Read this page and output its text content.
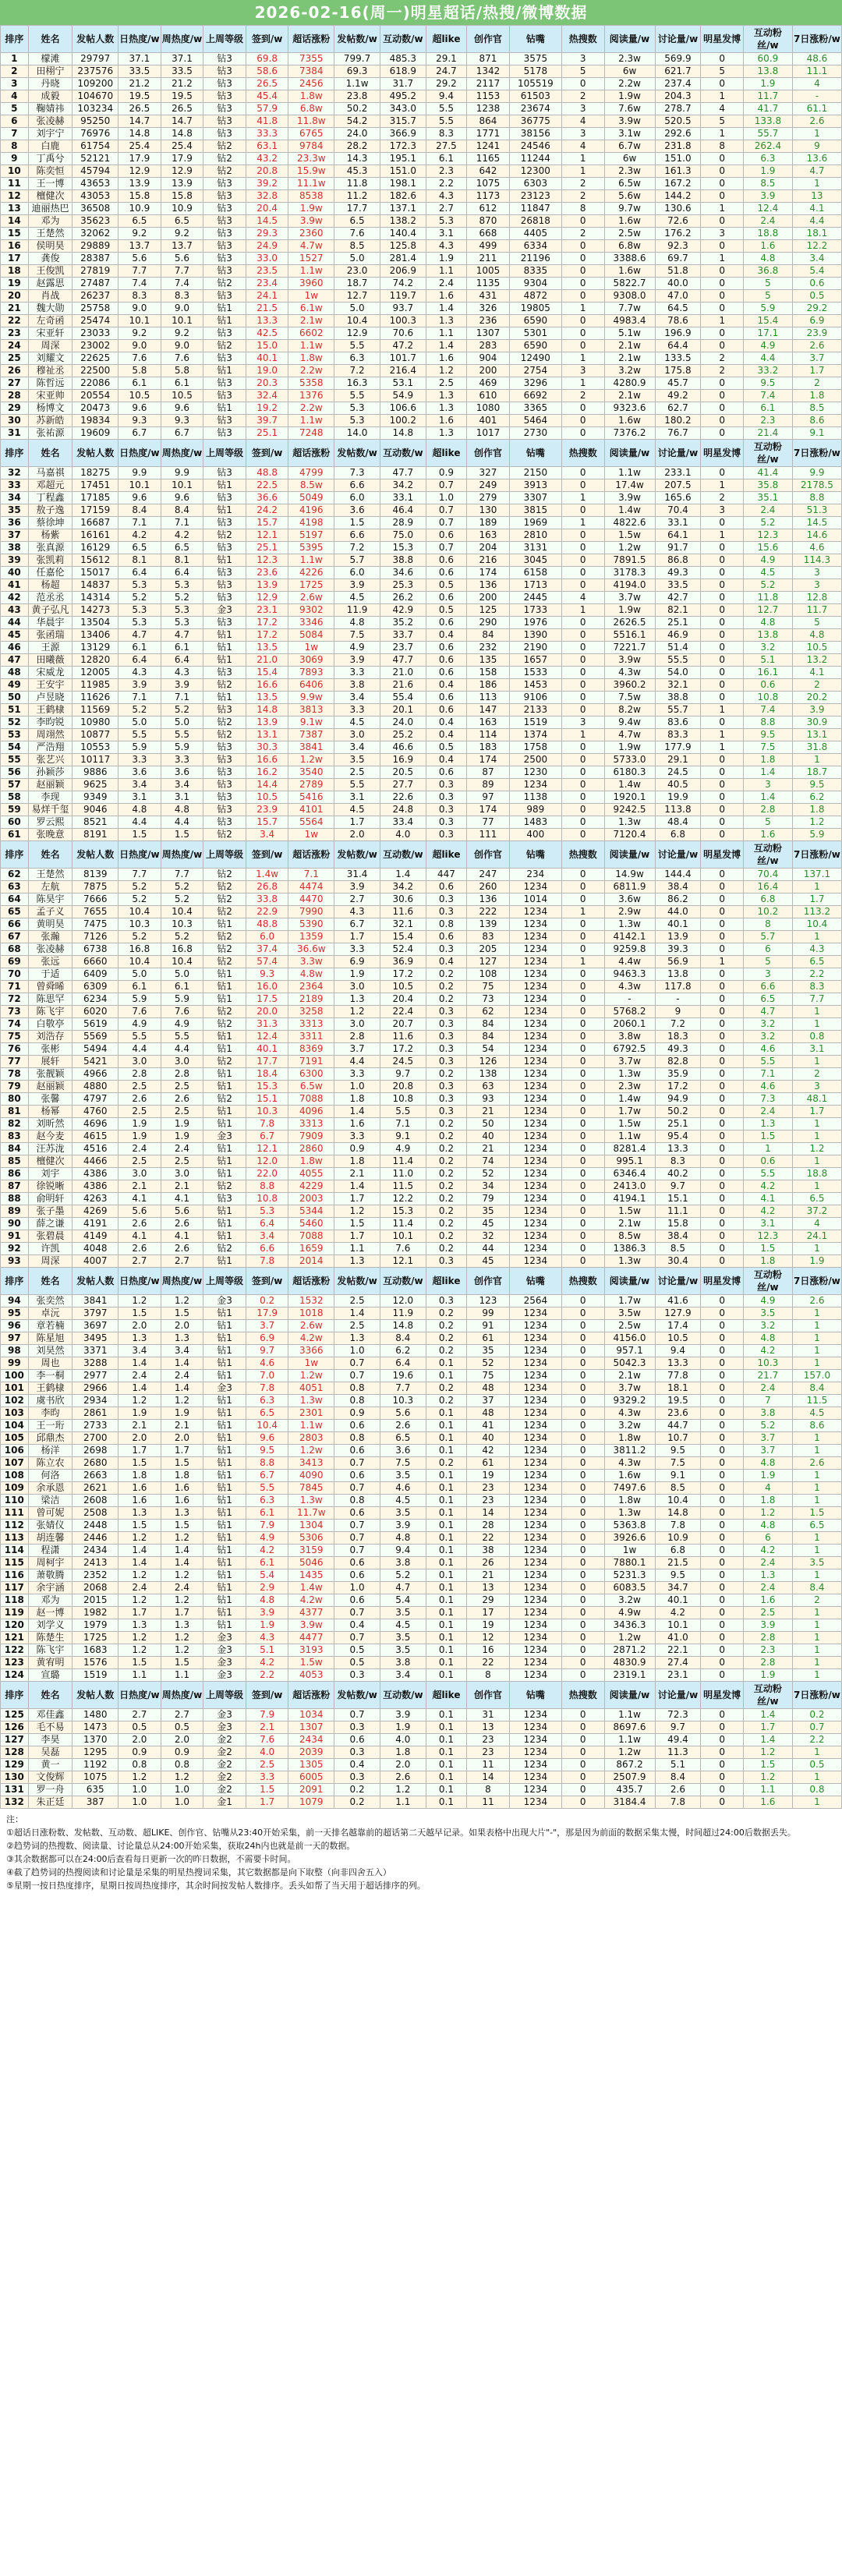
2026-02-16(周一)明星超话/热搜/微博数据
排序	姓名	发帖人数	日热度/w	周热度/w	上周等级	签到/w	超话涨粉	发帖数/w	互动数/w	超like	创作官	钻嘴	热搜数	阅读量/w	讨论量/w	明星发博	互动粉丝/w	7日涨粉/w
1	檬滩	29797	37.1	37.1	钻3	69.8	7355	799.7	485.3	29.1	871	3575	3	2.3w	569.9	0	60.9	48.6
2	田栩宁	237576	33.5	33.5	钻3	58.6	7384	69.3	618.9	24.7	1342	5178	5	6w	621.7	5	13.8	11.1
3	丹晓	109200	21.2	21.2	钻3	26.5	2456	1.1w	31.7	29.2	2117	105519	0	2.2w	237.4	0	1.9	4
4	成毅	104670	19.5	19.5	钻3	45.4	1.8w	23.8	495.2	9.4	1153	61503	2	1.9w	204.3	1	11.7	-
5	鞠婧祎	103234	26.5	26.5	钻3	57.9	6.8w	50.2	343.0	5.5	1238	23674	3	7.6w	278.7	4	41.7	61.1
6	张凌赫	95250	14.7	14.7	钻3	41.8	11.8w	54.2	315.7	5.5	864	36775	4	3.9w	520.5	5	133.8	2.6
7	刘宇宁	76976	14.8	14.8	钻3	33.3	6765	24.0	366.9	8.3	1771	38156	3	3.1w	292.6	1	55.7	1
8	白鹿	61754	25.4	25.4	钻2	63.1	9784	28.2	172.3	27.5	1241	24546	4	6.7w	231.8	8	262.4	9
9	丁禹兮	52121	17.9	17.9	钻2	43.2	23.3w	14.3	195.1	6.1	1165	11244	1	6w	151.0	0	6.3	13.6
10	陈奕恒	45794	12.9	12.9	钻2	20.8	15.9w	45.3	151.0	2.3	642	12300	1	2.3w	161.3	0	1.9	4.7
11	王一博	43653	13.9	13.9	钻3	39.2	11.1w	11.8	198.1	2.2	1075	6303	2	6.5w	167.2	0	8.5	1
12	檀健次	43053	15.8	15.8	钻3	32.8	8538	11.2	182.6	4.3	1173	23123	2	5.6w	144.2	0	3.9	13
13	迪丽热巴	36508	10.9	10.9	钻3	20.4	1.9w	17.7	137.1	2.7	612	11847	8	9.7w	130.6	1	12.4	4.1
14	邓为	35623	6.5	6.5	钻3	14.5	3.9w	6.5	138.2	5.3	870	26818	0	1.6w	72.6	0	2.4	4.4
15	王楚然	32062	9.2	9.2	钻3	29.3	2360	7.6	140.4	3.1	668	4405	2	2.5w	176.2	3	18.8	18.1
16	侯明昊	29889	13.7	13.7	钻3	24.9	4.7w	8.5	125.8	4.3	499	6334	0	6.8w	92.3	0	1.6	12.2
17	龚俊	28387	5.6	5.6	钻3	33.0	1527	5.0	281.4	1.9	211	21196	0	3388.6	69.7	1	4.8	3.4
18	王俊凯	27819	7.7	7.7	钻3	23.5	1.1w	23.0	206.9	1.1	1005	8335	0	1.6w	51.8	0	36.8	5.4
19	赵露思	27487	7.4	7.4	钻2	23.4	3960	18.7	74.2	2.4	1135	9304	0	5822.7	40.0	0	5	0.6
20	肖战	26237	8.3	8.3	钻3	24.1	1w	12.7	119.7	1.6	431	4872	0	9308.0	47.0	0	5	0.5
21	魏大勋	25758	9.0	9.0	钻1	21.5	6.1w	5.0	93.7	1.4	326	19805	1	7.7w	64.5	0	5.9	29.2
22	左奇函	25474	10.1	10.1	钻1	13.3	2.1w	10.4	100.3	1.3	236	6590	0	4983.4	78.6	1	15.4	6.9
23	宋亚轩	23033	9.2	9.2	钻3	42.5	6602	12.9	70.6	1.1	1307	5301	0	5.1w	196.9	0	17.1	23.9
24	周深	23002	9.0	9.0	钻2	15.0	1.1w	5.5	47.2	1.4	283	6590	0	2.1w	64.4	0	4.9	2.6
25	刘耀文	22625	7.6	7.6	钻3	40.1	1.8w	6.3	101.7	1.6	904	12490	1	2.1w	133.5	2	4.4	3.7
26	穆祉丞	22500	5.8	5.8	钻1	19.0	2.2w	7.2	216.4	1.2	200	2754	3	3.2w	175.8	2	33.2	1.7
27	陈哲远	22086	6.1	6.1	钻3	20.3	5358	16.3	53.1	2.5	469	3296	1	4280.9	45.7	0	9.5	2
28	宋亚帅	20554	10.5	10.5	钻3	32.4	1376	5.5	54.9	1.3	610	6692	2	2.1w	49.2	0	7.4	1.8
29	杨博文	20473	9.6	9.6	钻1	19.2	2.2w	5.3	106.6	1.3	1080	3365	0	9323.6	62.7	0	6.1	8.5
30	苏新皓	19834	9.3	9.3	钻3	39.7	1.1w	5.3	100.2	1.6	401	5464	0	1.6w	180.2	0	2.3	8.6
31	张祐源	19609	6.7	6.7	钻3	25.1	7248	14.0	14.8	1.3	1017	2730	0	7376.2	76.7	0	21.4	9.1
排序	姓名	发帖人数	日热度/w	周热度/w	上周等级	签到/w	超话涨粉	发帖数/w	互动数/w	超like	创作官	钻嘴	热搜数	阅读量/w	讨论量/w	明星发博	互动粉丝/w	7日涨粉/w
32	马嘉祺	18275	9.9	9.9	钻3	48.8	4799	7.3	47.7	0.9	327	2150	0	1.1w	233.1	0	41.4	9.9
33	邓超元	17451	10.1	10.1	钻1	22.5	8.5w	6.6	34.2	0.7	249	3913	0	17.4w	207.5	1	35.8	2178.5
34	丁程鑫	17185	9.6	9.6	钻3	36.6	5049	6.0	33.1	1.0	279	3307	1	3.9w	165.6	2	35.1	8.8
35	敖子逸	17159	8.4	8.4	钻1	24.2	4196	3.6	46.4	0.7	130	3815	0	1.4w	70.4	3	2.4	51.3
36	蔡徐坤	16687	7.1	7.1	钻3	15.7	4198	1.5	28.9	0.7	189	1969	1	4822.6	33.1	0	5.2	14.5
37	杨紫	16161	4.2	4.2	钻2	12.1	5197	6.6	75.0	0.6	163	2810	0	1.5w	64.1	1	12.3	14.6
38	张真源	16129	6.5	6.5	钻3	25.1	5395	7.2	15.3	0.7	204	3131	0	1.2w	91.7	0	15.6	4.6
39	张凯莉	15612	8.1	8.1	钻1	12.3	1.1w	5.7	38.8	0.6	216	3045	0	7891.5	86.8	0	4.9	114.3
40	任嘉伦	15017	6.4	6.4	钻3	23.6	4226	6.0	34.6	0.6	174	6158	0	3178.3	49.3	0	4.5	3
41	杨超	14837	5.3	5.3	钻3	13.9	1725	3.9	25.3	0.5	136	1713	0	4194.0	33.5	0	5.2	3
42	范丞丞	14314	5.2	5.2	钻3	12.9	2.6w	4.5	26.2	0.6	200	2445	4	3.7w	42.7	0	11.8	12.8
43	黄子弘凡	14273	5.3	5.3	金3	23.1	9302	11.9	42.9	0.5	125	1733	1	1.9w	82.1	0	12.7	11.7
44	华晨宇	13504	5.3	5.3	钻3	17.2	3346	4.8	35.2	0.6	290	1976	0	2626.5	25.1	0	4.8	5
45	张函瑞	13406	4.7	4.7	钻1	17.2	5084	7.5	33.7	0.4	84	1390	0	5516.1	46.9	0	13.8	4.8
46	王源	13129	6.1	6.1	钻1	13.5	1w	4.9	23.7	0.6	232	2190	0	7221.7	51.4	0	3.2	10.5
47	田曦薇	12820	6.4	6.4	钻1	21.0	3069	3.9	47.7	0.6	135	1657	0	3.9w	55.5	0	5.1	13.2
48	宋威龙	12005	4.3	4.3	钻3	15.4	7893	3.3	21.0	0.6	158	1533	0	4.3w	54.0	0	16.1	4.1
49	王安宇	11985	3.9	3.9	钻2	16.6	6406	3.8	21.6	0.4	186	1453	0	3960.2	32.1	0	0.6	2
50	卢昱晓	11626	7.1	7.1	钻1	13.5	9.9w	3.4	55.4	0.6	113	9106	0	7.5w	38.8	0	10.8	20.2
51	王鹤棣	11569	5.2	5.2	钻3	14.8	3813	3.3	20.1	0.6	147	2133	0	8.2w	55.7	1	7.4	3.9
52	李昀锐	10980	5.0	5.0	钻2	13.9	9.1w	4.5	24.0	0.4	163	1519	3	9.4w	83.6	0	8.8	30.9
53	周翊然	10877	5.5	5.5	钻2	13.1	7387	3.0	25.2	0.4	114	1374	1	4.7w	83.3	1	9.5	13.1
54	严浩翔	10553	5.9	5.9	钻3	30.3	3841	3.4	46.6	0.5	183	1758	0	1.9w	177.9	1	7.5	31.8
55	张艺兴	10117	3.3	3.3	钻3	16.6	1.2w	3.5	16.9	0.4	174	2500	0	5733.0	29.1	0	1.8	1
56	孙颖莎	9886	3.6	3.6	钻3	16.2	3540	2.5	20.5	0.6	87	1230	0	6180.3	24.5	0	1.4	18.7
57	赵丽颖	9625	3.4	3.4	钻3	14.4	2789	5.5	27.7	0.3	89	1234	0	1.4w	40.5	0	3	9.5
58	李现	9349	3.1	3.1	钻3	10.5	5416	3.1	22.6	0.3	97	1138	0	1920.1	19.9	0	1.4	6.2
59	易烊千玺	9046	4.8	4.8	钻3	23.9	4101	4.5	24.8	0.3	174	989	0	9242.5	113.8	0	2.8	1.8
60	罗云熙	8521	4.4	4.4	钻3	15.7	5564	1.7	33.4	0.3	77	1483	0	1.3w	48.4	0	5	1.2
61	张晚意	8191	1.5	1.5	钻2	3.4	1w	2.0	4.0	0.3	111	400	0	7120.4	6.8	0	1.6	5.9
排序	姓名	发帖人数	日热度/w	周热度/w	上周等级	签到/w	超话涨粉	发帖数/w	互动数/w	超like	创作官	钻嘴	热搜数	阅读量/w	讨论量/w	明星发博	互动粉丝/w	7日涨粉/w
62	王楚然	8139	7.7	7.7	钻2	1.4w	7.1	31.4	1.4	447	247	234	0	14.9w	144.4	0	70.4	137.1
63	左航	7875	5.2	5.2	钻2	26.8	4474	3.9	34.2	0.6	260	1234	0	6811.9	38.4	0	16.4	1
64	陈昊宇	7666	5.2	5.2	钻2	33.8	4470	2.7	30.6	0.3	136	1014	0	3.6w	86.2	0	6.8	1.7
65	孟子义	7655	10.4	10.4	钻2	22.9	7990	4.3	11.6	0.3	222	1234	1	2.9w	44.0	0	10.2	113.2
66	黄明昊	7475	10.3	10.3	钻1	48.8	5390	6.7	32.1	0.8	139	1234	0	1.3w	40.1	0	8	10.4
67	张瀚	7126	5.2	5.2	钻2	6.0	1359	1.7	15.4	0.6	83	1234	0	4142.1	13.9	0	5.7	1
68	张凌赫	6738	16.8	16.8	钻2	37.4	36.6w	3.3	52.4	0.3	205	1234	0	9259.8	39.3	0	6	4.3
69	张远	6660	10.4	10.4	钻2	57.4	3.3w	6.9	36.9	0.4	127	1234	1	4.4w	56.9	1	5	6.5
70	于适	6409	5.0	5.0	钻1	9.3	4.8w	1.9	17.2	0.2	108	1234	0	9463.3	13.8	0	3	2.2
71	曾舜晞	6309	6.1	6.1	钻1	16.0	2364	3.0	10.5	0.2	75	1234	0	4.3w	117.8	0	6.6	8.3
72	陈思罕	6234	5.9	5.9	钻1	17.5	2189	1.3	20.4	0.2	73	1234	0	-	-	0	6.5	7.7
73	陈飞宇	6020	7.6	7.6	钻2	20.0	3258	1.2	22.4	0.3	62	1234	0	5768.2	9	0	4.7	1
74	白敬亭	5619	4.9	4.9	钻2	31.3	3313	3.0	20.7	0.3	84	1234	0	2060.1	7.2	0	3.2	1
75	刘浩存	5569	5.5	5.5	钻1	12.4	3311	2.8	11.6	0.3	84	1234	0	3.8w	18.3	0	3.2	0.8
76	张彬	5494	4.4	4.4	钻1	40.1	8369	3.7	17.2	0.3	54	1234	0	6792.5	49.3	0	4.6	3.1
77	展轩	5421	3.0	3.0	钻2	17.7	7191	4.4	24.5	0.3	126	1234	0	3.7w	82.8	0	5.5	1
78	张靓颖	4966	2.8	2.8	钻1	18.4	6300	3.3	9.7	0.2	138	1234	0	1.3w	35.9	0	7.1	2
79	赵丽颖	4880	2.5	2.5	钻1	15.3	6.5w	1.0	20.8	0.3	63	1234	0	2.3w	17.2	0	4.6	3
80	张馨	4797	2.6	2.6	钻2	15.1	7088	1.8	10.8	0.3	93	1234	0	1.4w	94.9	0	7.3	48.1
81	杨幂	4760	2.5	2.5	钻1	10.3	4096	1.4	5.5	0.3	21	1234	0	1.7w	50.2	0	2.4	1.7
82	刘昕然	4696	1.9	1.9	钻1	7.8	3313	1.6	7.1	0.2	50	1234	0	1.5w	25.1	0	1.3	1
83	赵今麦	4615	1.9	1.9	金3	6.7	7909	3.3	9.1	0.2	40	1234	0	1.1w	95.4	0	1.5	1
84	汪苏泷	4516	2.4	2.4	钻1	12.1	2860	0.9	4.9	0.2	21	1234	0	8281.4	13.3	0	1	1.2
85	檀健次	4466	2.5	2.5	钻1	12.0	1.8w	1.8	11.4	0.2	74	1234	0	995.1	8.3	0	0.6	1
86	刘宇	4386	3.0	3.0	钻1	22.0	4055	2.1	11.0	0.2	52	1234	0	6346.4	40.2	0	5.5	18.8
87	徐锐晰	4386	2.1	2.1	钻2	8.8	4229	1.4	11.5	0.2	34	1234	0	2413.0	9.7	0	4.2	1
88	俞明轩	4263	4.1	4.1	钻3	10.8	2003	1.7	12.2	0.2	79	1234	0	4194.1	15.1	0	4.1	6.5
89	张子墨	4269	5.6	5.6	钻1	5.3	5344	1.2	15.3	0.2	35	1234	0	1.5w	11.1	0	4.2	37.2
90	薛之谦	4191	2.6	2.6	钻1	6.4	5460	1.5	11.4	0.2	45	1234	0	2.1w	15.8	0	3.1	4
91	张碧晨	4149	4.1	4.1	钻1	3.4	7088	1.7	10.1	0.2	32	1234	0	8.5w	38.4	0	12.3	24.1
92	许凯	4048	2.6	2.6	钻2	6.6	1659	1.1	7.6	0.2	44	1234	0	1386.3	8.5	0	1.5	1
93	周深	4007	2.7	2.7	钻1	7.8	2014	1.3	12.1	0.3	45	1234	0	1.3w	30.4	0	1.8	1.9
排序	姓名	发帖人数	日热度/w	周热度/w	上周等级	签到/w	超话涨粉	发帖数/w	互动数/w	超like	创作官	钻嘴	热搜数	阅读量/w	讨论量/w	明星发博	互动粉丝/w	7日涨粉/w
94	张奕然	3841	1.2	1.2	金3	0.2	1532	2.5	12.0	0.3	123	2564	0	1.7w	41.6	0	4.9	2.6
95	卓沅	3797	1.5	1.5	钻1	17.9	1018	1.4	11.9	0.2	99	1234	0	3.5w	127.9	0	3.5	1
96	章若楠	3697	2.0	2.0	钻1	3.7	2.6w	2.5	14.8	0.2	91	1234	0	2.5w	17.4	0	3.2	1
97	陈星旭	3495	1.3	1.3	钻1	6.9	4.2w	1.3	8.4	0.2	61	1234	0	4156.0	10.5	0	4.8	1
98	刘昊然	3371	3.4	3.4	钻1	9.7	3366	1.0	6.2	0.2	35	1234	0	957.1	9.4	0	4.2	1
99	周也	3288	1.4	1.4	钻1	4.6	1w	0.7	6.4	0.1	52	1234	0	5042.3	13.3	0	10.3	1
100	李一桐	2977	2.4	2.4	钻1	7.0	1.2w	0.7	19.6	0.1	75	1234	0	2.1w	77.8	0	21.7	157.0
101	王鹤棣	2966	1.4	1.4	金3	7.8	4051	0.8	7.7	0.2	48	1234	0	3.7w	18.1	0	2.4	8.4
102	虞书欣	2934	1.2	1.2	钻1	6.3	1.3w	0.8	10.3	0.2	37	1234	0	9329.2	19.5	0	7	11.5
103	李昀	2861	1.9	1.9	钻1	6.5	2301	0.9	5.6	0.1	48	1234	0	4.3w	23.6	0	3.8	4.5
104	王一珩	2733	2.1	2.1	钻1	10.4	1.1w	0.6	2.6	0.1	41	1234	0	3.2w	44.7	0	5.2	8.6
105	邱鼎杰	2700	2.0	2.0	钻1	9.6	2803	0.8	6.5	0.1	40	1234	0	1.8w	10.7	0	3.7	1
106	杨洋	2698	1.7	1.7	钻1	9.5	1.2w	0.6	3.6	0.1	42	1234	0	3811.2	9.5	0	3.7	1
107	陈立农	2680	1.5	1.5	钻1	8.8	3413	0.7	7.5	0.2	61	1234	0	4.3w	7.5	0	4.8	2.6
108	何洛	2663	1.8	1.8	钻1	6.7	4090	0.6	3.5	0.1	19	1234	0	1.6w	9.1	0	1.9	1
109	余承恩	2621	1.6	1.6	钻1	5.5	7845	0.7	4.6	0.1	23	1234	0	7497.6	8.5	0	4	1
110	梁洁	2608	1.6	1.6	钻1	6.3	1.3w	0.8	4.5	0.1	23	1234	0	1.8w	10.4	0	1.8	1
111	曾可妮	2508	1.3	1.3	钻1	6.1	11.7w	0.6	3.5	0.1	14	1234	0	1.3w	14.8	0	1.2	1.5
112	张婧仪	2448	1.5	1.5	钻1	7.9	1304	0.7	3.9	0.1	28	1234	0	5363.8	7.8	0	4.8	6.5
113	胡连馨	2446	1.2	1.2	钻1	4.9	5306	0.7	4.8	0.1	22	1234	0	3926.6	10.9	0	6	1
114	程潇	2434	1.4	1.4	钻1	4.2	3159	0.7	9.4	0.1	38	1234	0	1w	6.8	0	4.2	1
115	周柯宇	2413	1.4	1.4	钻1	6.1	5046	0.6	3.8	0.1	26	1234	0	7880.1	21.5	0	2.4	3.5
116	萧敬腾	2352	1.2	1.2	钻1	5.4	1435	0.6	5.2	0.1	21	1234	0	5231.3	9.5	0	1.3	1
117	余宇涵	2068	2.4	2.4	钻1	2.9	1.4w	1.0	4.7	0.1	13	1234	0	6083.5	34.7	0	2.4	8.4
118	邓为	2015	1.2	1.2	钻1	4.8	4.2w	0.6	5.4	0.1	29	1234	0	3.2w	40.1	0	1.6	2
119	赵一博	1982	1.7	1.7	钻1	3.9	4377	0.7	3.5	0.1	17	1234	0	4.9w	4.2	0	2.5	1
120	刘学义	1979	1.3	1.3	钻1	1.9	3.9w	0.4	4.5	0.1	19	1234	0	3436.3	10.1	0	3.9	1
121	陈楚生	1725	1.2	1.2	金3	4.3	4477	0.7	3.5	0.1	12	1234	0	1.2w	41.0	0	2.8	1
122	陈飞宇	1683	1.2	1.2	金3	5.1	3193	0.5	3.5	0.1	16	1234	0	2871.2	22.1	0	2.3	1
123	黄宥明	1576	1.5	1.5	金3	4.2	1.5w	0.5	3.8	0.1	22	1234	0	4830.9	27.4	0	2.8	1
124	宣璐	1519	1.1	1.1	金3	2.2	4053	0.3	3.4	0.1	8	1234	0	2319.1	23.1	0	1.9	1
排序	姓名	发帖人数	日热度/w	周热度/w	上周等级	签到/w	超话涨粉	发帖数/w	互动数/w	超like	创作官	钻嘴	热搜数	阅读量/w	讨论量/w	明星发博	互动粉丝/w	7日涨粉/w
125	邓佳鑫	1480	2.7	2.7	金3	7.9	1034	0.7	3.9	0.1	31	1234	0	1.1w	72.3	0	1.4	0.2
126	毛不易	1473	0.5	0.5	金3	2.1	1307	0.3	1.9	0.1	13	1234	0	8697.6	9.7	0	1.7	0.7
127	李昊	1370	2.0	2.0	金2	7.6	2434	0.6	4.0	0.1	23	1234	0	1.1w	49.4	0	1.4	2.2
128	吴磊	1295	0.9	0.9	金2	4.0	2039	0.3	1.8	0.1	23	1234	0	1.2w	11.3	0	1.2	1
129	黄一	1192	0.8	0.8	金2	2.5	1305	0.4	2.0	0.1	11	1234	0	867.2	5.1	0	1.5	0.5
130	文俊辉	1075	1.2	1.2	金2	3.3	6005	0.3	2.6	0.1	14	1234	0	2507.9	8.4	0	1.2	1
131	罗一舟	635	1.0	1.0	金2	1.5	2091	0.2	1.2	0.1	8	1234	0	435.7	2.6	0	1.1	0.8
132	朱正廷	387	1.0	1.0	金1	1.7	1079	0.2	1.1	0.1	11	1234	0	3184.4	7.8	0	1.6	1

注：

①超话日涨粉数、发帖数、互动数、超LIKE、创作官、钻嘴从23:40开始采集，前一天排名越靠前的超话第二天越早记录。如果表格中出现大片"-"，那是因为前面的数据采集太慢，时间超过24:00后数据丢失。

②趋势词的热搜数、阅读量、讨论量总从24:00开始采集，获取24h内也就是前一天的数据。

③其余数据都可以在24:00后查看每日更新一次的昨日数据，不需要卡时间。

④截了趋势词的热搜阅读和讨论量是采集的明星热搜词采集，其它数据都是向下取整（向非四舍五入）

⑤星期一按日热度排序，星期日按周热度排序，其余时间按发帖人数排序。丢头如帮了当天用于超话排序的列。
